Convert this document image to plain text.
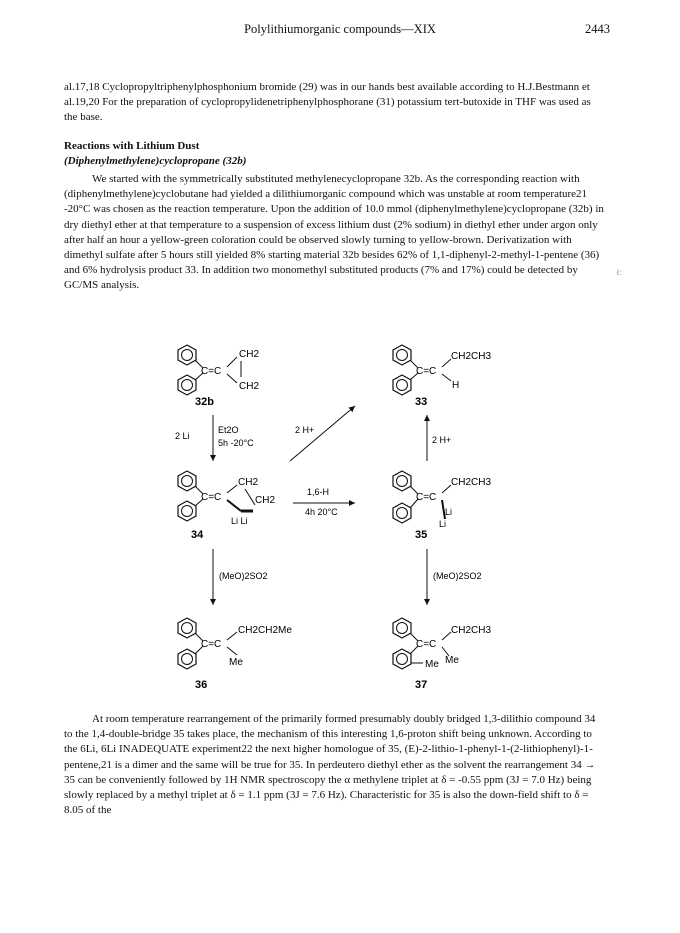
Polylithiumorganic compounds—XIX	2443
al.17,18 Cyclopropyltriphenylphosphonium bromide (29) was in our hands best available according to H.J.Bestmann et al.19,20 For the preparation of cyclopropylidenetriphenylphosphorane (31) potassium tert-butoxide in THF was used as the base.
Reactions with Lithium Dust
(Diphenylmethylene)cyclopropane (32b)
We started with the symmetrically substituted methylenecyclopropane 32b. As the corresponding reaction with (diphenylmethylene)cyclobutane had yielded a dilithiumorganic compound which was unstable at room temperature21 -20°C was chosen as the reaction temperature. Upon the addition of 10.0 mmol (diphenylmethylene)cyclopropane (32b) in dry diethyl ether at that temperature to a suspension of excess lithium dust (2% sodium) in diethyl ether under argon only after half an hour a yellow-green coloration could be observed slowly turning to yellow-brown. Derivatization with dimethyl sulfate after 5 hours still yielded 8% starting material 32b besides 62% of 1,1-diphenyl-2-methyl-1-pentene (36) and 6% hydrolysis product 33. In addition two monomethyl substituted products (7% and 17%) could be detected by GC/MS analysis.
ℓ:
C=C
CH2
CH2
32b
C=C
CH2CH3
H
33
2 Li
Et2O
5h -20°C
2 H+
2 H+
C=C
CH2
CH2
Li Li
34
1,6-H
4h 20°C
C=C
CH2CH3
Li
Li
35
(MeO)2SO2	(MeO)2SO2
C=C
CH2CH2Me
Me
36
C=C
CH2CH3
Me Me
37
At room temperature rearrangement of the primarily formed presumably doubly bridged 1,3-dilithio compound 34 to the 1,4-double-bridge 35 takes place, the mechanism of this interesting 1,6-proton shift being unknown. According to the 6Li, 6Li INADEQUATE experiment22 the next higher homologue of 35, (E)-2-lithio-1-phenyl-1-(2-lithiophenyl)-1-pentene,21 is a dimer and the same will be true for 35. In perdeutero diethyl ether as the solvent the rearrangement 34 → 35 can be conveniently followed by 1H NMR spectroscopy the α methylene triplet at δ = -0.55 ppm (3J = 7.0 Hz) being slowly replaced by a methyl triplet at δ = 1.1 ppm (3J = 7.6 Hz). Characteristic for 35 is also the down-field shift to δ = 8.05 of the
